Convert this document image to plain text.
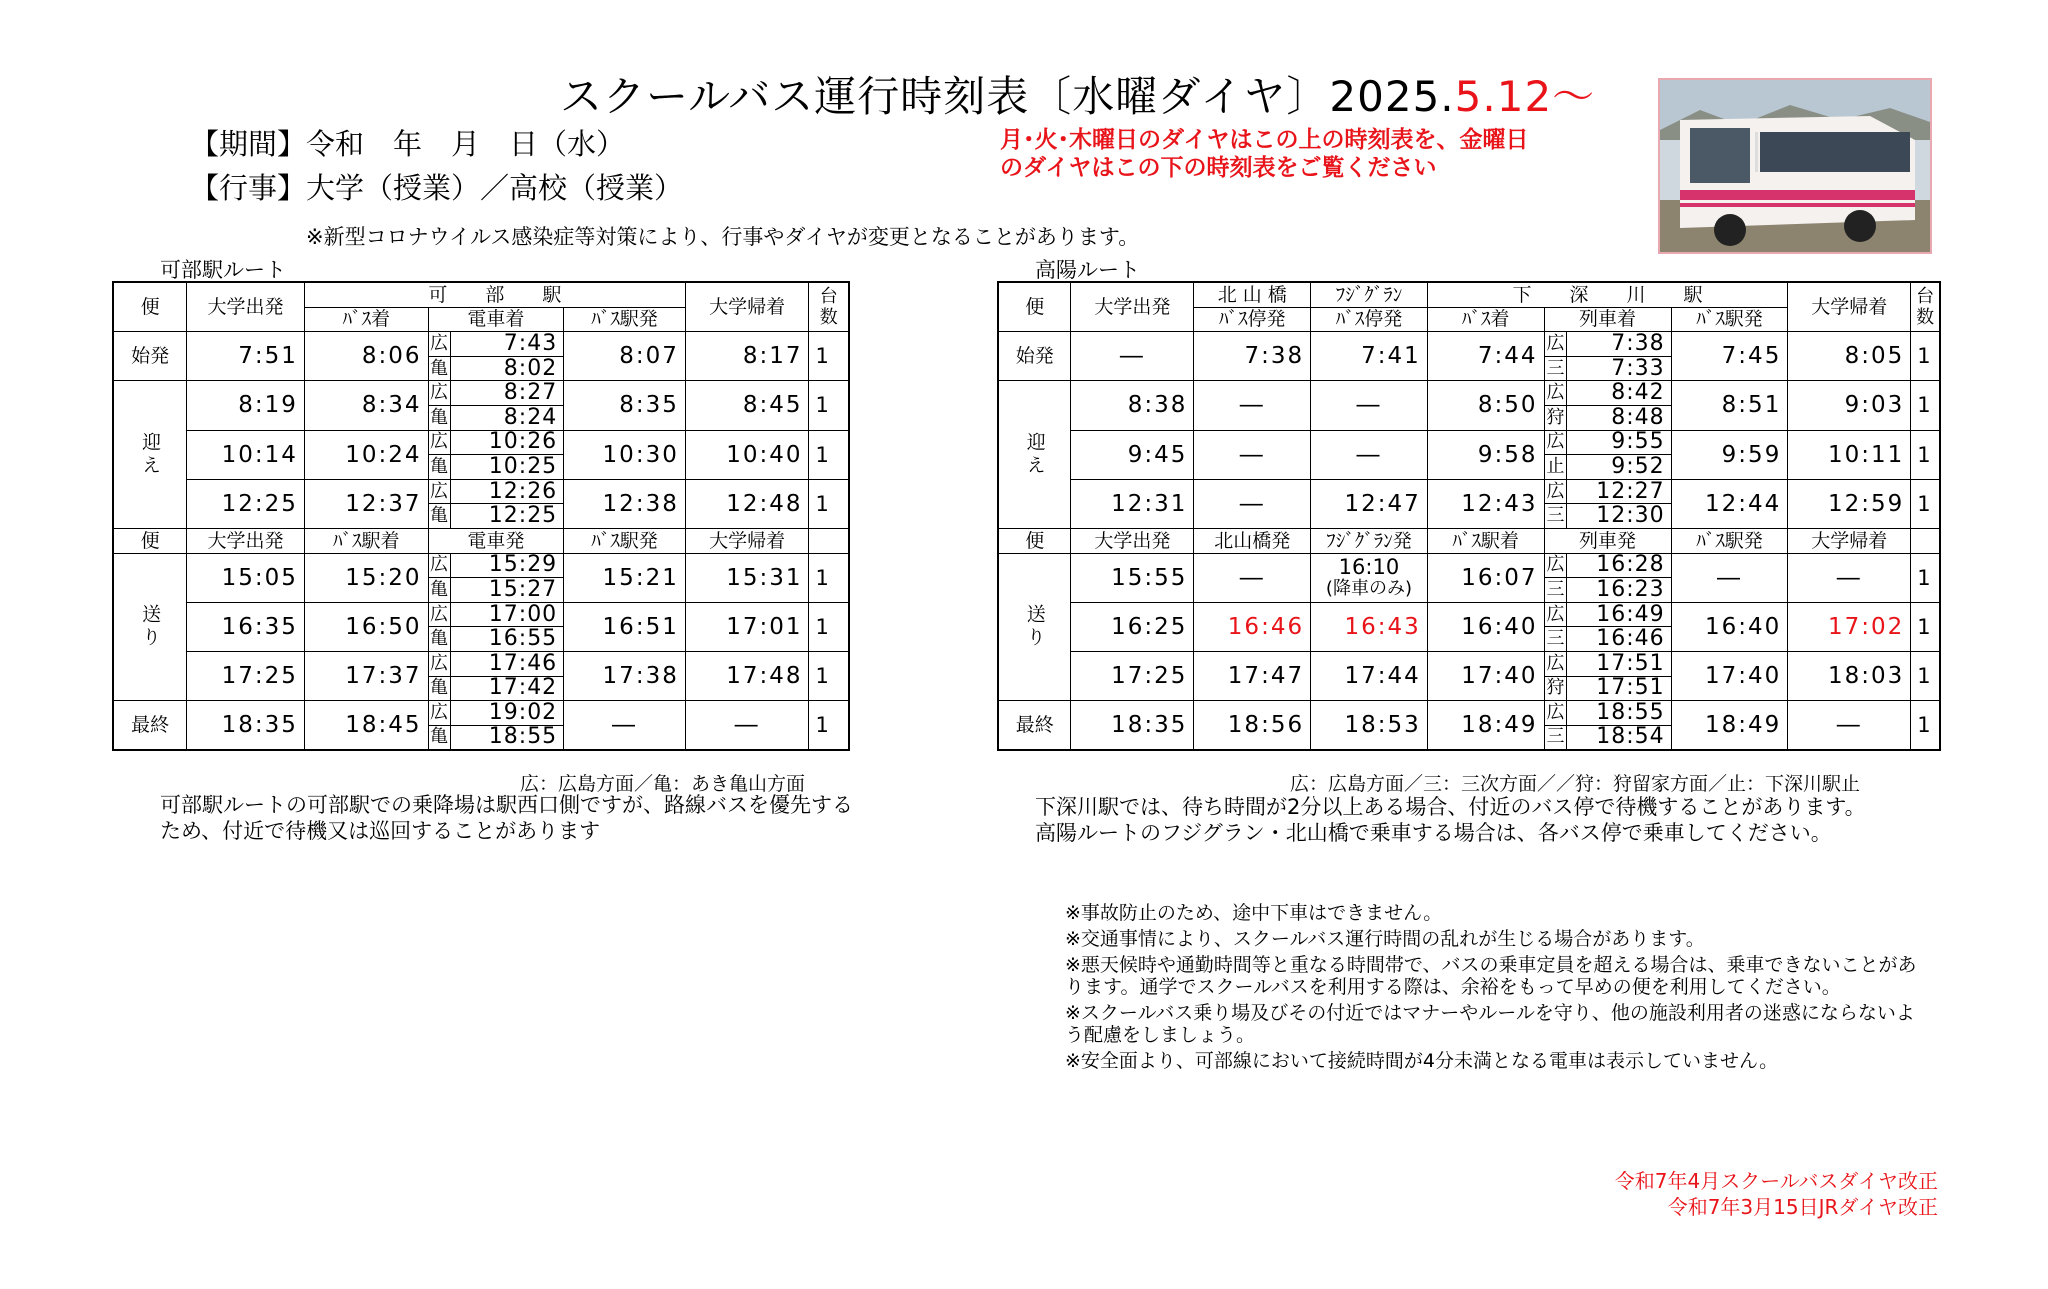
スクールバス運行時刻表〔水曜ダイヤ〕2025.5.12～
【期間】令和　年　月　日（水）
【行事】大学（授業）／高校（授業）
月･火･木曜日のダイヤはこの上の時刻表を、金曜日のダイヤはこの下の時刻表をご覧ください
※新型コロナウイルス感染症等対策により、行事やダイヤが変更となることがあります。
可部駅ルート
便	大学出発	可　　部　　駅				大学帰着	台数
		ﾊﾞｽ着	電車着		ﾊﾞｽ駅発		
始発	7:51	8:06	広	7:43	8:07	8:17	1
			亀	8:02			
迎え	8:19	8:34	広	8:27	8:35	8:45	1
			亀	8:24			
	10:14	10:24	広	10:26	10:30	10:40	1
			亀	10:25			
	12:25	12:37	広	12:26	12:38	12:48	1
			亀	12:25			
便	大学出発	ﾊﾞｽ駅着	電車発		ﾊﾞｽ駅発	大学帰着	
送り	15:05	15:20	広	15:29	15:21	15:31	1
			亀	15:27			
	16:35	16:50	広	17:00	16:51	17:01	1
			亀	16:55			
	17:25	17:37	広	17:46	17:38	17:48	1
			亀	17:42			
最終	18:35	18:45	広	19:02	―	―	1
			亀	18:55			
広：広島方面／亀：あき亀山方面
可部駅ルートの可部駅での乗降場は駅西口側ですが、路線バスを優先するため、付近で待機又は巡回することがあります
高陽ルート
便	大学出発	北 山 橋	ﾌｼﾞｸﾞﾗﾝ	下　　深　　川　　駅				大学帰着	台数
		ﾊﾞｽ停発	ﾊﾞｽ停発	ﾊﾞｽ着	列車着		ﾊﾞｽ駅発		
始発	―	7:38	7:41	7:44	広	7:38	7:45	8:05	1
					三	7:33			
迎え	8:38	―	―	8:50	広	8:42	8:51	9:03	1
					狩	8:48			
	9:45	―	―	9:58	広	9:55	9:59	10:11	1
					止	9:52			
	12:31	―	12:47	12:43	広	12:27	12:44	12:59	1
					三	12:30			
便	大学出発	北山橋発	ﾌｼﾞｸﾞﾗﾝ発	ﾊﾞｽ駅着	列車発		ﾊﾞｽ駅発	大学帰着	
送り	15:55	―	16:10
(降車のみ)	16:07	広	16:28	―	―	1
					三	16:23			
	16:25	16:46	16:43	16:40	広	16:49	16:40	17:02	1
					三	16:46			
	17:25	17:47	17:44	17:40	広	17:51	17:40	18:03	1
					狩	17:51			
最終	18:35	18:56	18:53	18:49	広	18:55	18:49	―	1
					三	18:54			
広：広島方面／三：三次方面／／狩：狩留家方面／止：下深川駅止
下深川駅では、待ち時間が2分以上ある場合、付近のバス停で待機することがあります。
高陽ルートのフジグラン・北山橋で乗車する場合は、各バス停で乗車してください。

※事故防止のため、途中下車はできません。

※交通事情により、スクールバス運行時間の乱れが生じる場合があります。

※悪天候時や通勤時間等と重なる時間帯で、バスの乗車定員を超える場合は、乗車できないことがあります。通学でスクールバスを利用する際は、余裕をもって早めの便を利用してください。

※スクールバス乗り場及びその付近ではマナーやルールを守り、他の施設利用者の迷惑にならないよう配慮をしましょう。

※安全面より、可部線において接続時間が4分未満となる電車は表示していません。

令和7年4月スクールバスダイヤ改正
令和7年3月15日JRダイヤ改正
